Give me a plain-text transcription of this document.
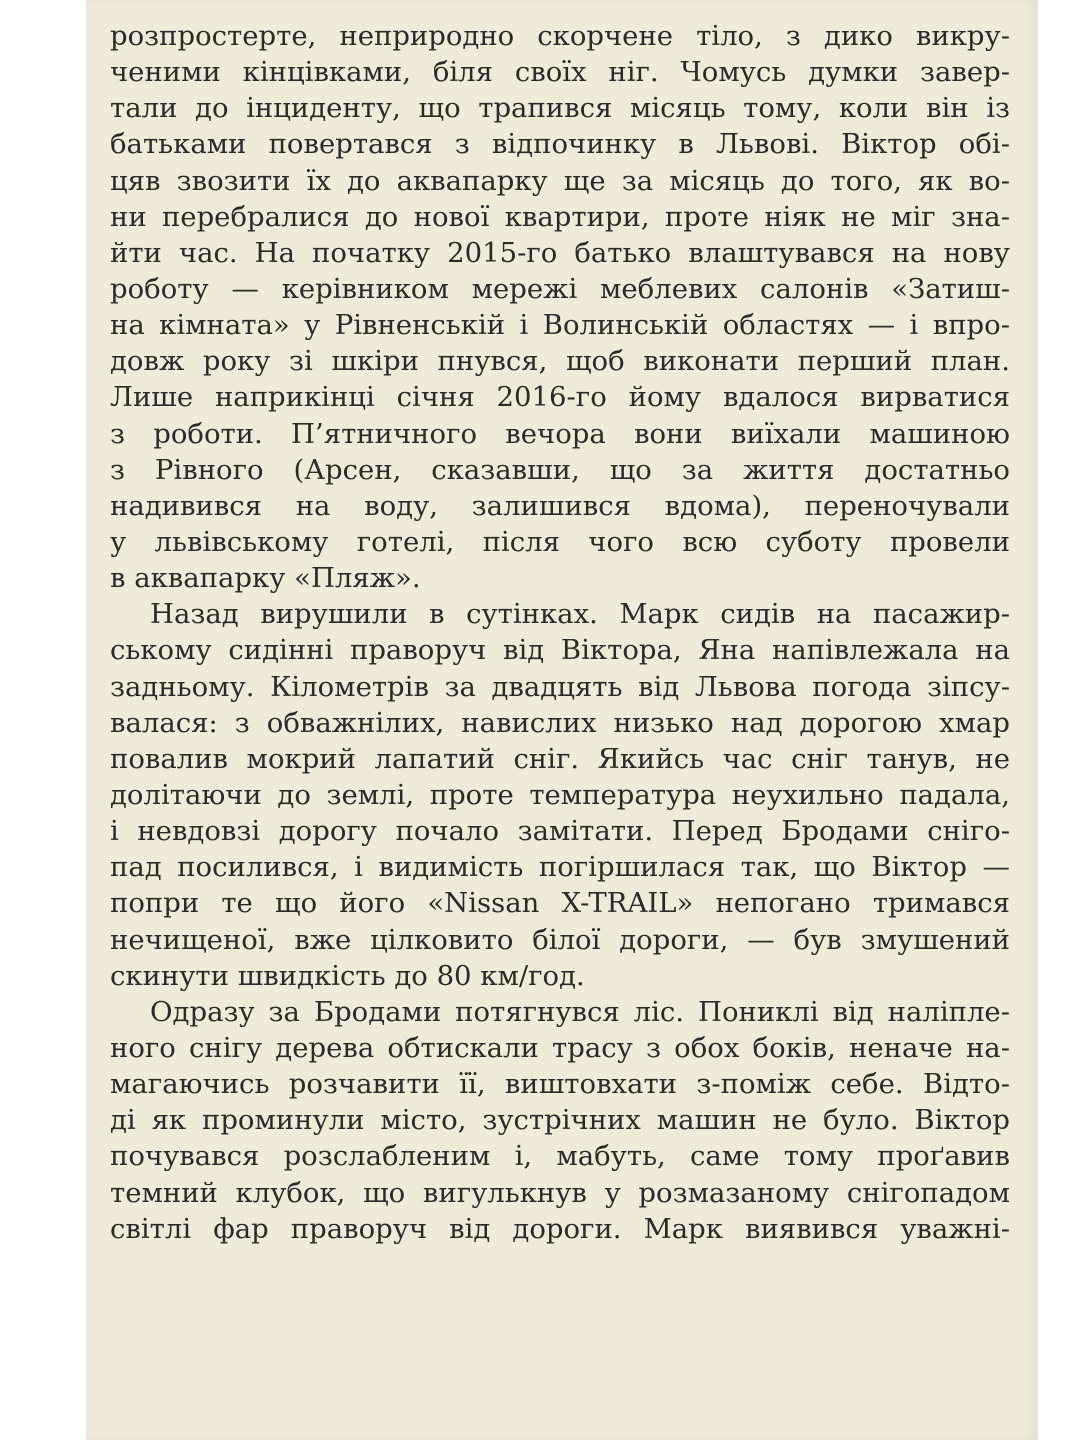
розпростерте, неприродно скорчене тіло, з дико викру-
ченими кінцівками, біля своїх ніг. Чомусь думки завер-
тали до інциденту, що трапився місяць тому, коли він із
батьками повертався з відпочинку в Львові. Віктор обі-
цяв звозити їх до аквапарку ще за місяць до того, як во-
ни перебралися до нової квартири, проте ніяк не міг зна-
йти час. На початку 2015-го батько влаштувався на нову
роботу — керівником мережі меблевих салонів «Затиш-
на кімната» у Рівненській і Волинській областях — і впро-
довж року зі шкіри пнувся, щоб виконати перший план.
Лише наприкінці січня 2016-го йому вдалося вирватися
з роботи. П’ятничного вечора вони виїхали машиною
з Рівного (Арсен, сказавши, що за життя достатньо
надивився на воду, залишився вдома), переночували
у львівському готелі, після чого всю суботу провели
в аквапарку «Пляж».
Назад вирушили в сутінках. Марк сидів на пасажир-
ському сидінні праворуч від Віктора, Яна напівлежала на
задньому. Кілометрів за двадцять від Львова погода зіпсу-
валася: з обважнілих, навислих низько над дорогою хмар
повалив мокрий лапатий сніг. Якийсь час сніг танув, не
долітаючи до землі, проте температура неухильно падала,
і невдовзі дорогу почало замітати. Перед Бродами сніго-
пад посилився, і видимість погіршилася так, що Віктор —
попри те що його «Nissan X-TRAIL» непогано тримався
нечищеної, вже цілковито білої дороги, — був змушений
скинути швидкість до 80 км/год.
Одразу за Бродами потягнувся ліс. Пониклі від наліпле-
ного снігу дерева обтискали трасу з обох боків, неначе на-
магаючись розчавити її, виштовхати з-поміж себе. Відто-
ді як проминули місто, зустрічних машин не було. Віктор
почувався розслабленим і, мабуть, саме тому проґавив
темний клубок, що вигулькнув у розмазаному снігопадом
світлі фар праворуч від дороги. Марк виявився уважні-
